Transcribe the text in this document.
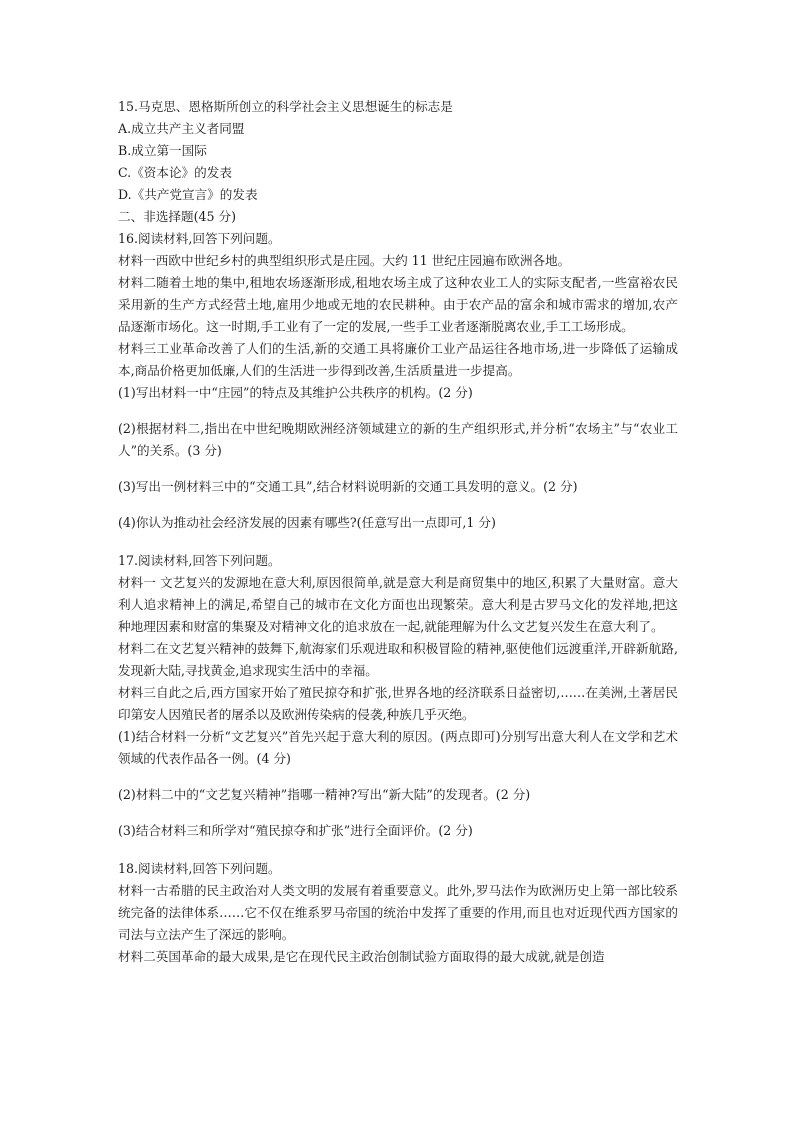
15.马克思、恩格斯所创立的科学社会主义思想诞生的标志是
A.成立共产主义者同盟
B.成立第一国际
C.《资本论》的发表
D.《共产党宣言》的发表
二、非选择题(45 分)
16.阅读材料,回答下列问题。
材料一西欧中世纪乡村的典型组织形式是庄园。大约 11 世纪庄园遍布欧洲各地。
材料二随着土地的集中,租地农场逐渐形成,租地农场主成了这种农业工人的实际支配者,一些富裕农民采用新的生产方式经营土地,雇用少地或无地的农民耕种。由于农产品的富余和城市需求的增加,农产品逐渐市场化。这一时期,手工业有了一定的发展,一些手工业者逐渐脱离农业,手工工场形成。
材料三工业革命改善了人们的生活,新的交通工具将廉价工业产品运往各地市场,进一步降低了运输成本,商品价格更加低廉,人们的生活进一步得到改善,生活质量进一步提高。
(1)写出材料一中“庄园”的特点及其维护公共秩序的机构。(2 分)
(2)根据材料二,指出在中世纪晚期欧洲经济领域建立的新的生产组织形式,并分析“农场主”与“农业工人”的关系。(3 分)
(3)写出一例材料三中的“交通工具”,结合材料说明新的交通工具发明的意义。(2 分)
(4)你认为推动社会经济发展的因素有哪些?(任意写出一点即可,1 分)
17.阅读材料,回答下列问题。
材料一 文艺复兴的发源地在意大利,原因很简单,就是意大利是商贸集中的地区,积累了大量财富。意大利人追求精神上的满足,希望自己的城市在文化方面也出现繁荣。意大利是古罗马文化的发祥地,把这种地理因素和财富的集聚及对精神文化的追求放在一起,就能理解为什么文艺复兴发生在意大利了。
材料二在文艺复兴精神的鼓舞下,航海家们乐观进取和积极冒险的精神,驱使他们远渡重洋,开辟新航路,发现新大陆,寻找黄金,追求现实生活中的幸福。
材料三自此之后,西方国家开始了殖民掠夺和扩张,世界各地的经济联系日益密切,……在美洲,土著居民印第安人因殖民者的屠杀以及欧洲传染病的侵袭,种族几乎灭绝。
(1)结合材料一分析“文艺复兴”首先兴起于意大利的原因。(两点即可)分别写出意大利人在文学和艺术领域的代表作品各一例。(4 分)
(2)材料二中的“文艺复兴精神”指哪一精神?写出“新大陆”的发现者。(2 分)
(3)结合材料三和所学对“殖民掠夺和扩张”进行全面评价。(2 分)
18.阅读材料,回答下列问题。
材料一古希腊的民主政治对人类文明的发展有着重要意义。此外,罗马法作为欧洲历史上第一部比较系统完备的法律体系……它不仅在维系罗马帝国的统治中发挥了重要的作用,而且也对近现代西方国家的司法与立法产生了深远的影响。
材料二英国革命的最大成果,是它在现代民主政治创制试验方面取得的最大成就,就是创造
